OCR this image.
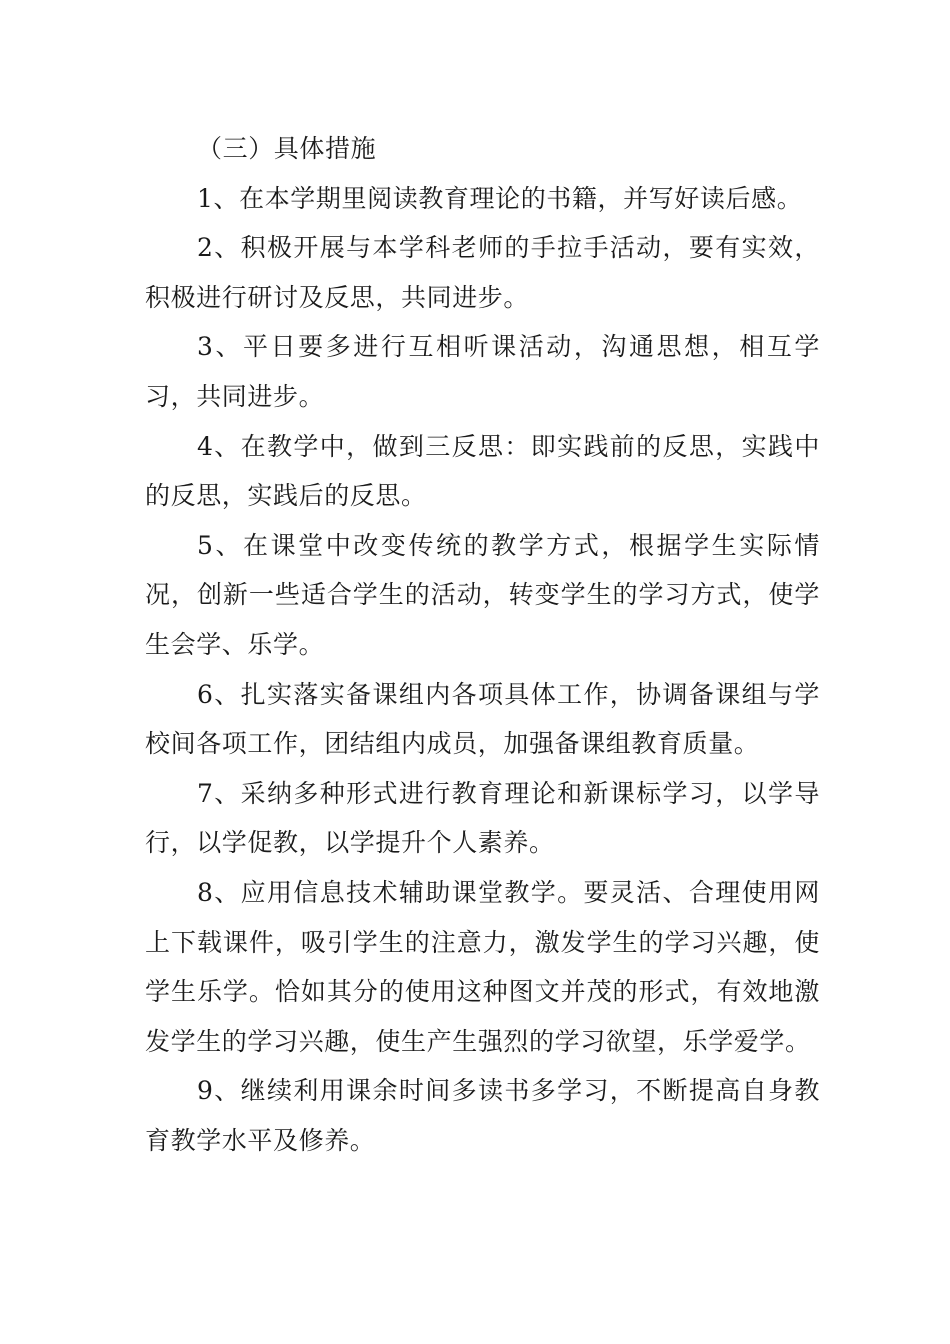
（三）具体措施

1、在本学期里阅读教育理论的书籍，并写好读后感。

2、积极开展与本学科老师的手拉手活动，要有实效，积极进行研讨及反思，共同进步。

3、平日要多进行互相听课活动，沟通思想，相互学习，共同进步。

4、在教学中，做到三反思：即实践前的反思，实践中的反思，实践后的反思。

5、在课堂中改变传统的教学方式，根据学生实际情况，创新一些适合学生的活动，转变学生的学习方式，使学生会学、乐学。

6、扎实落实备课组内各项具体工作，协调备课组与学校间各项工作，团结组内成员，加强备课组教育质量。

7、采纳多种形式进行教育理论和新课标学习，以学导行，以学促教，以学提升个人素养。

8、应用信息技术辅助课堂教学。要灵活、合理使用网上下载课件，吸引学生的注意力，激发学生的学习兴趣，使学生乐学。恰如其分的使用这种图文并茂的形式，有效地激发学生的学习兴趣，使生产生强烈的学习欲望，乐学爱学。

9、继续利用课余时间多读书多学习，不断提高自身教育教学水平及修养。
